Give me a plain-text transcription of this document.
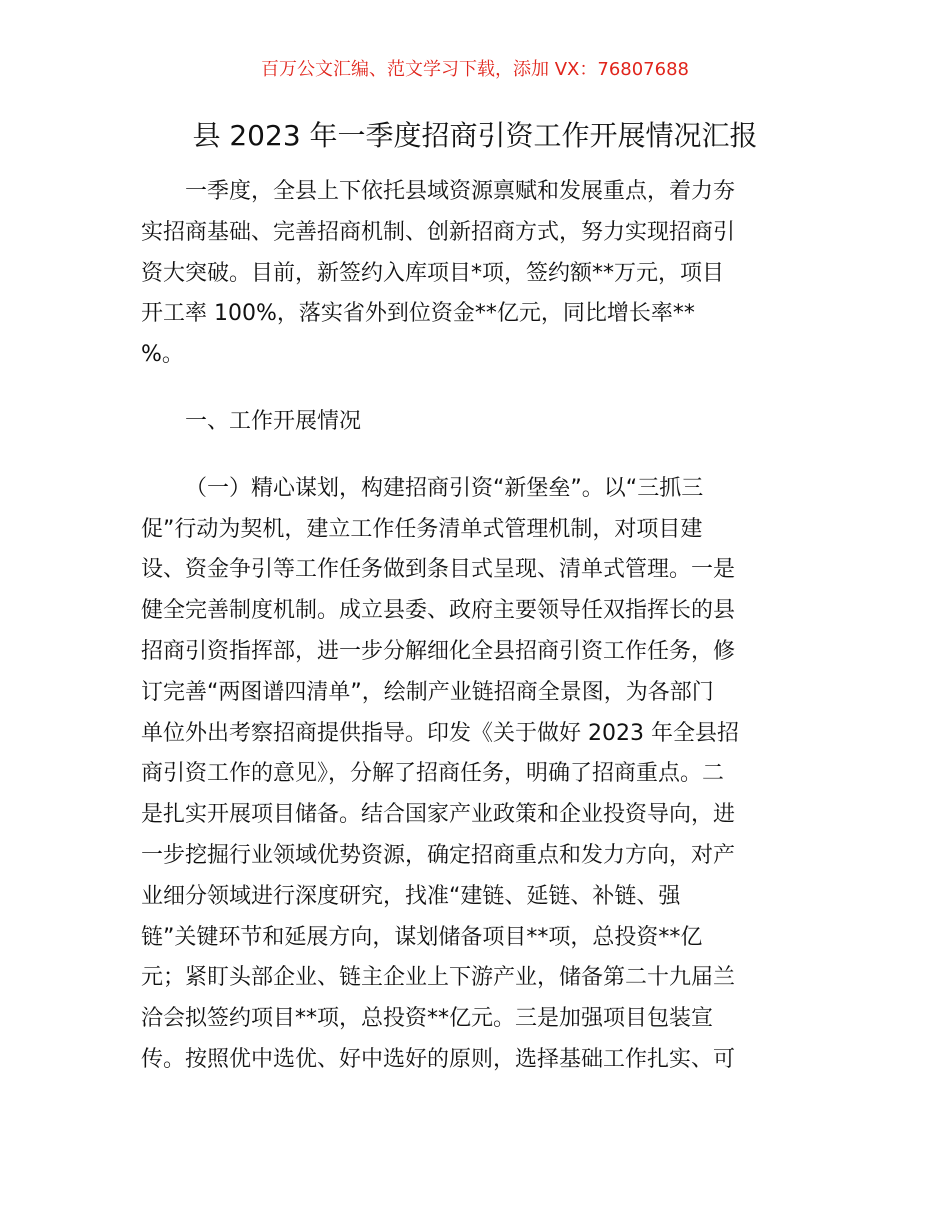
百万公文汇编、范文学习下载，添加 VX：76807688
县 2023 年一季度招商引资工作开展情况汇报

一季度，全县上下依托县域资源禀赋和发展重点，着力夯
实招商基础、完善招商机制、创新招商方式，努力实现招商引
资大突破。目前，新签约入库项目*项，签约额**万元，项目
开工率 100%，落实省外到位资金**亿元，同比增长率**
%。

一、工作开展情况

（一）精心谋划，构建招商引资“新堡垒”。以“三抓三
促”行动为契机，建立工作任务清单式管理机制，对项目建
设、资金争引等工作任务做到条目式呈现、清单式管理。一是
健全完善制度机制。成立县委、政府主要领导任双指挥长的县
招商引资指挥部，进一步分解细化全县招商引资工作任务，修
订完善“两图谱四清单”，绘制产业链招商全景图，为各部门
单位外出考察招商提供指导。印发《关于做好 2023 年全县招
商引资工作的意见》，分解了招商任务，明确了招商重点。二
是扎实开展项目储备。结合国家产业政策和企业投资导向，进
一步挖掘行业领域优势资源，确定招商重点和发力方向，对产
业细分领域进行深度研究，找准“建链、延链、补链、强
链”关键环节和延展方向，谋划储备项目**项，总投资**亿
元；紧盯头部企业、链主企业上下游产业，储备第二十九届兰
洽会拟签约项目**项，总投资**亿元。三是加强项目包装宣
传。按照优中选优、好中选好的原则，选择基础工作扎实、可
